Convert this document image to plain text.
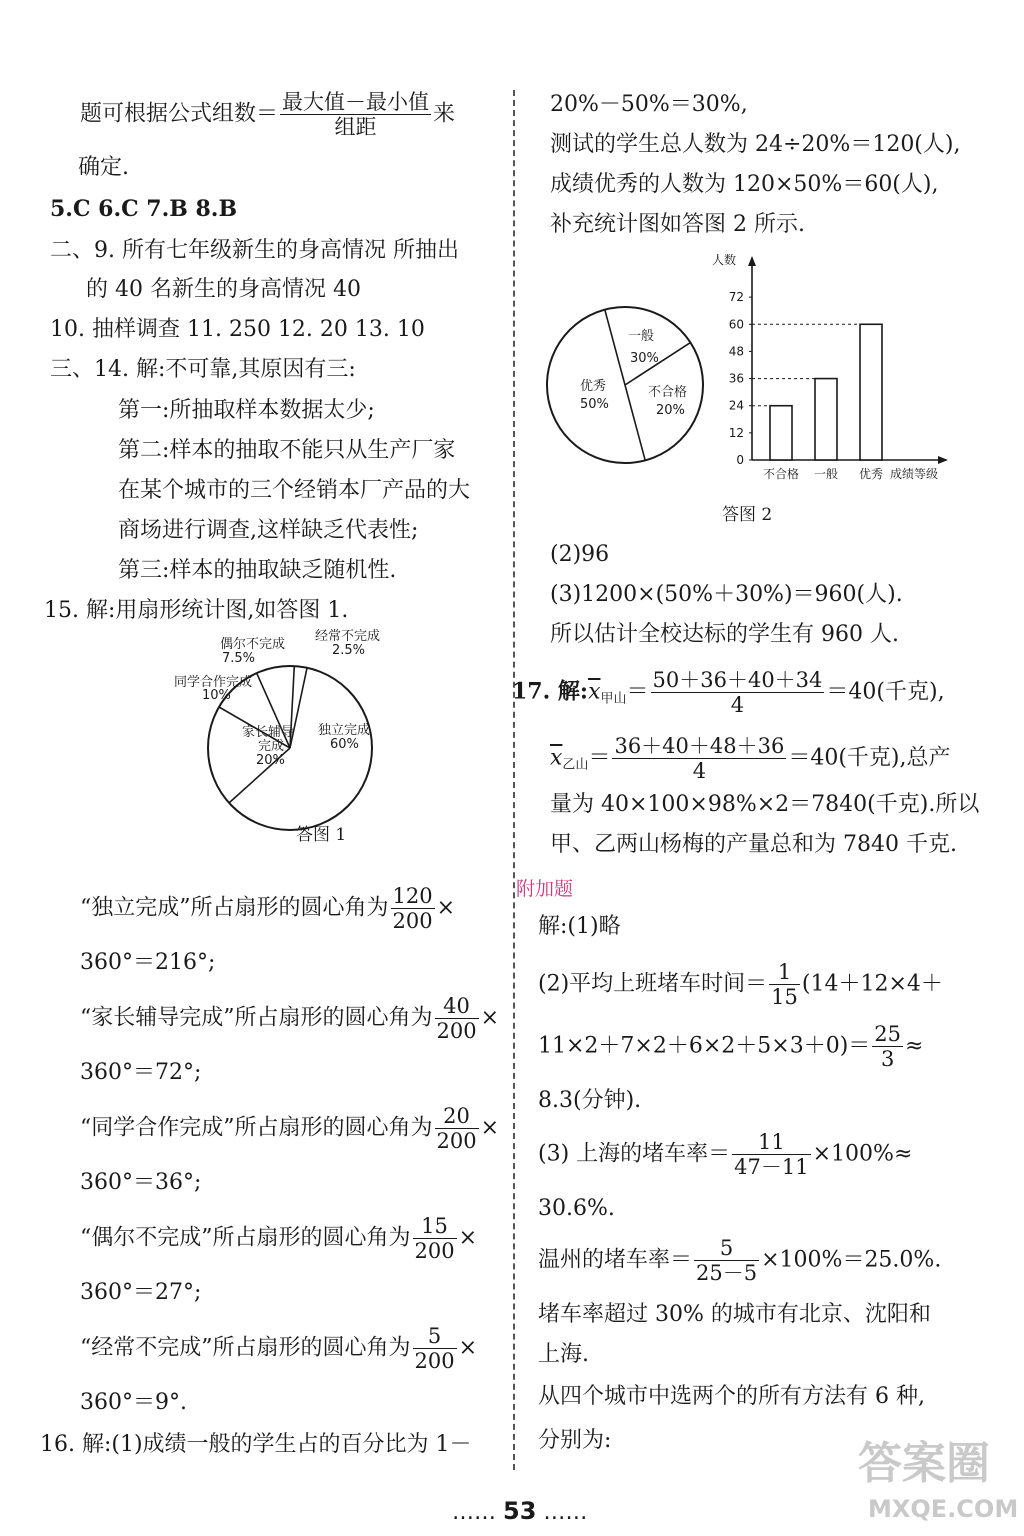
题可根据公式组数＝ $\frac{\text{最大值－最小值}}{\text{组距}}$ 来
确定.
5.C 6.C 7.B 8.B
二、9. 所有七年级新生的身高情况 所抽出
的 40 名新生的身高情况 40
10. 抽样调查 11. 250 12. 20 13. 10
三、14. 解:不可靠,其原因有三:
第一:所抽取样本数据太少;
第二:样本的抽取不能只从生产厂家
在某个城市的三个经销本厂产品的大
商场进行调查,这样缺乏代表性;
第三:样本的抽取缺乏随机性.
15. 解:用扇形统计图,如答图 1.
经常不完成
2.5%
偶尔不完成
7.5%
同学合作完成
10%
家长辅导
完成
20%
独立完成
60%
答图 1
“独立完成”所占扇形的圆心角为 $\frac{120}{200}$ ×
360°＝216°;
“家长辅导完成”所占扇形的圆心角为 $\frac{40}{200}$ ×
360°＝72°;
“同学合作完成”所占扇形的圆心角为 $\frac{20}{200}$ ×
360°＝36°;
“偶尔不完成”所占扇形的圆心角为 $\frac{15}{200}$ ×
360°＝27°;
“经常不完成”所占扇形的圆心角为 $\frac{5}{200}$ ×
360°＝9°.
16. 解:(1)成绩一般的学生占的百分比为 1－
20%－50%＝30%,
测试的学生总人数为 24÷20%＝120(人),
成绩优秀的人数为 120×50%＝60(人),
补充统计图如答图 2 所示.
一般
30%
优秀
50%
不合格
20%
人数
0
12
24
36
48
60
72
不合格 一般 优秀 成绩等级
答图 2
(2)96
(3)1200×(50%＋30%)＝960(人).
所以估计全校达标的学生有 960 人.
17. 解$:\overline{x}_{甲山}= \frac{50+36+40+34}{4} =40$(千克),
$\overline{x}_{乙山}= \frac{36+40+48+36}{4} =40$(千克),总产
量为 40×100×98%×2＝7840(千克).所以
甲、乙两山杨梅的产量总和为 7840 千克.
附加题
解:(1)略
(2)平均上班堵车时间＝ $\frac{1}{15} (14+12\times 4+$
$11\times 2+7\times 2+6\times 2+5\times 3+0)= \frac{25}{3}$ ≈
8.3(分钟).
(3) 上海的堵车率＝ $\frac{11}{47-11} \times 100\%\approx$
30.6%.
温州的堵车率＝ $\frac{5}{25-5} \times 100\%=25.0\%$.
堵车率超过 30% 的城市有北京、沈阳和
上海.
从四个城市中选两个的所有方法有 6 种,
分别为:
…… 53 ……
答案圈
MXQE.COM
